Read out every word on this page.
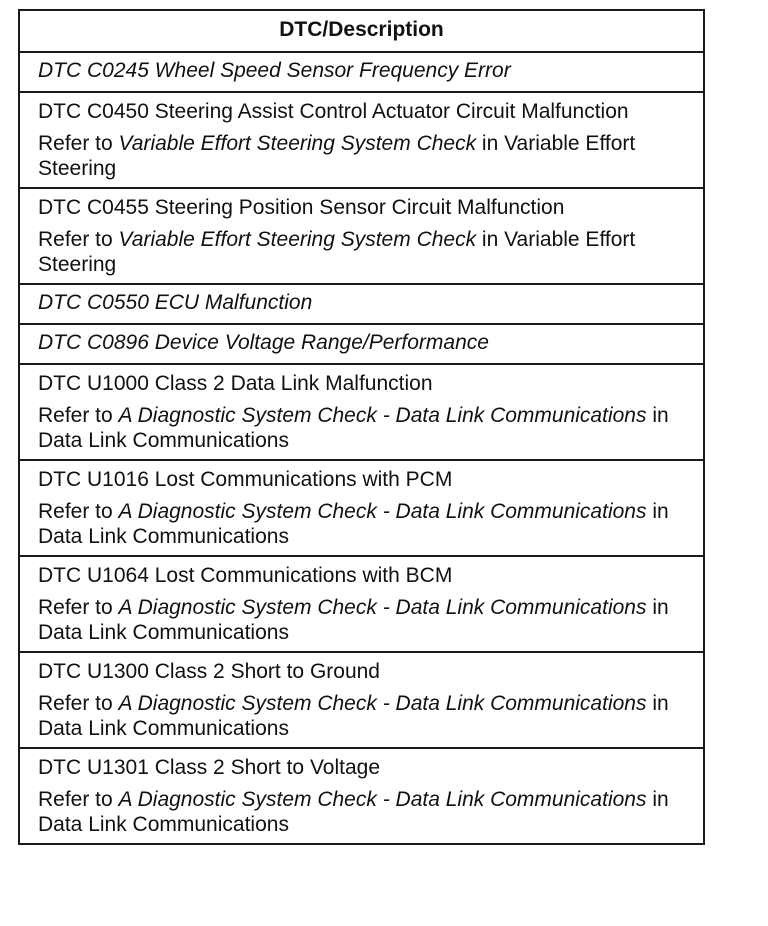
DTC/Description
DTC C0245 Wheel Speed Sensor Frequency Error

DTC C0450 Steering Assist Control Actuator Circuit Malfunction
Refer to Variable Effort Steering System Check in Variable Effort Steering

DTC C0455 Steering Position Sensor Circuit Malfunction
Refer to Variable Effort Steering System Check in Variable Effort Steering

DTC C0550 ECU Malfunction
DTC C0896 Device Voltage Range/Performance

DTC U1000 Class 2 Data Link Malfunction
Refer to A Diagnostic System Check - Data Link Communications in Data Link Communications

DTC U1016 Lost Communications with PCM
Refer to A Diagnostic System Check - Data Link Communications in Data Link Communications

DTC U1064 Lost Communications with BCM
Refer to A Diagnostic System Check - Data Link Communications in Data Link Communications

DTC U1300 Class 2 Short to Ground
Refer to A Diagnostic System Check - Data Link Communications in Data Link Communications

DTC U1301 Class 2 Short to Voltage
Refer to A Diagnostic System Check - Data Link Communications in Data Link Communications
